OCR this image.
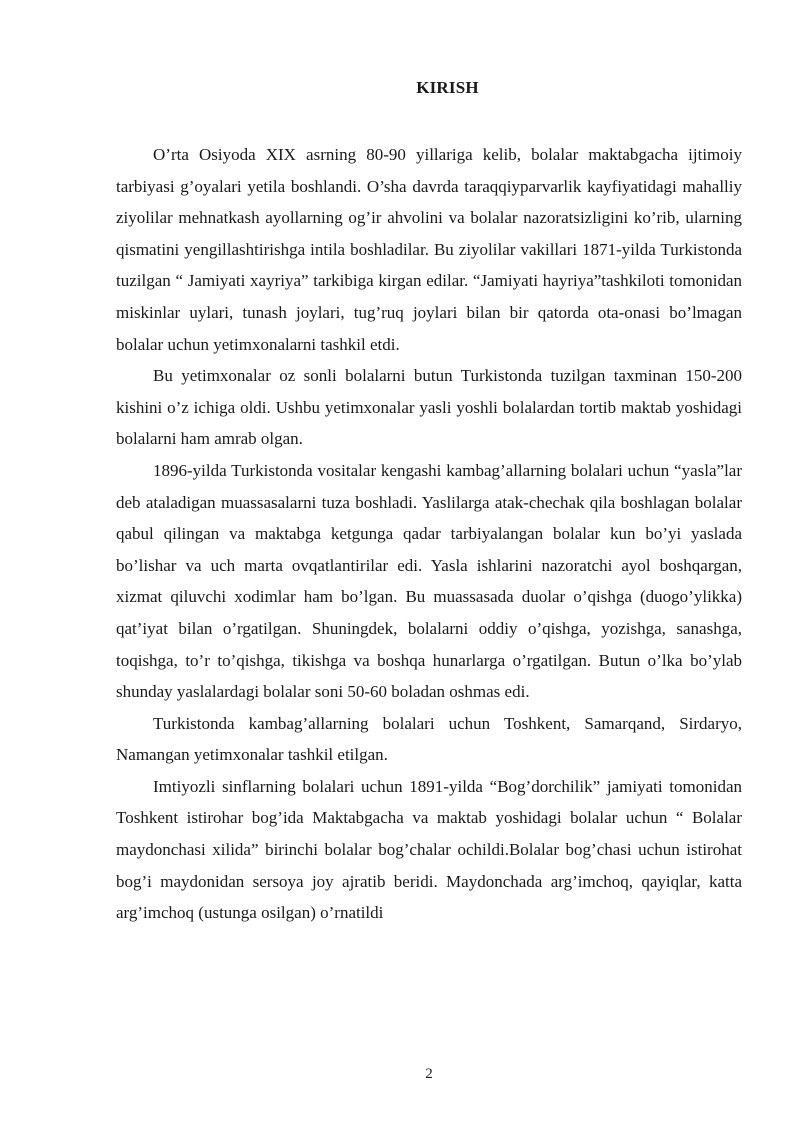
KIRISH

O’rta Osiyoda XIX asrning 80-90 yillariga kelib, bolalar maktabgacha ijtimoiy tarbiyasi g’oyalari yetila boshlandi. O’sha davrda taraqqiyparvarlik kayfiyatidagi mahalliy ziyolilar mehnatkash ayollarning og’ir ahvolini va bolalar nazoratsizligini ko’rib, ularning qismatini yengillashtirishga intila boshladilar. Bu ziyolilar vakillari 1871-yilda Turkistonda tuzilgan “ Jamiyati xayriya” tarkibiga kirgan edilar. “Jamiyati hayriya”tashkiloti tomonidan miskinlar uylari, tunash joylari, tug’ruq joylari bilan bir qatorda ota-onasi bo’lmagan bolalar uchun yetimxonalarni tashkil etdi.

Bu yetimxonalar oz sonli bolalarni butun Turkistonda tuzilgan taxminan 150-200 kishini o’z ichiga oldi. Ushbu yetimxonalar yasli yoshli bolalardan tortib maktab yoshidagi bolalarni ham amrab olgan.

1896-yilda Turkistonda vositalar kengashi kambag’allarning bolalari uchun “yasla”lar deb ataladigan muassasalarni tuza boshladi. Yaslilarga atak-chechak qila boshlagan bolalar qabul qilingan va maktabga ketgunga qadar tarbiyalangan bolalar kun bo’yi yaslada bo’lishar va uch marta ovqatlantirilar edi. Yasla ishlarini nazoratchi ayol boshqargan, xizmat qiluvchi xodimlar ham bo’lgan. Bu muassasada duolar o’qishga (duogo’ylikka) qat’iyat bilan o’rgatilgan. Shuningdek, bolalarni oddiy o’qishga, yozishga, sanashga, toqishga, to’r to’qishga, tikishga va boshqa hunarlarga o’rgatilgan. Butun o’lka bo’ylab shunday yaslalardagi bolalar soni 50-60 boladan oshmas edi.

Turkistonda kambag’allarning bolalari uchun Toshkent, Samarqand, Sirdaryo, Namangan yetimxonalar tashkil etilgan.

Imtiyozli sinflarning bolalari uchun 1891-yilda “Bog’dorchilik” jamiyati tomonidan Toshkent istirohar bog’ida Maktabgacha va maktab yoshidagi bolalar uchun “ Bolalar maydonchasi xilida” birinchi bolalar bog’chalar ochildi.Bolalar bog’chasi uchun istirohat bog’i maydonidan sersoya joy ajratib beridi. Maydonchada arg’imchoq, qayiqlar, katta arg’imchoq (ustunga osilgan) o’rnatildi

2
